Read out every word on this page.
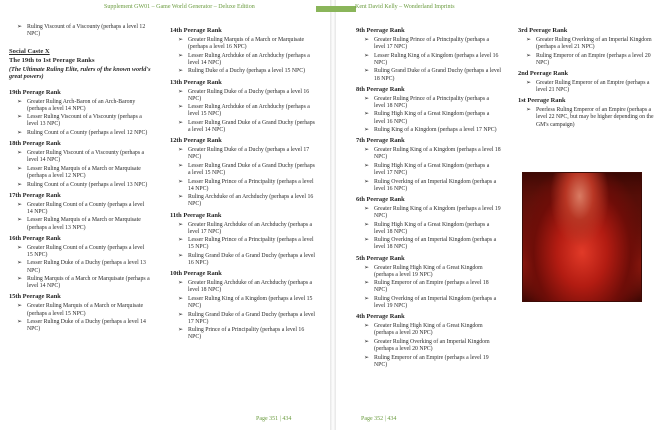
Supplement GW01 – Game World Generator – Deluxe Edition	Kent David Kelly – Wonderland Imprints
➢ Ruling Viscount of a Viscounty (perhaps a level 12 NPC)
Social Caste X
The 19th to 1st Peerage Ranks
(The Ultimate Ruling Elite, rulers of the known world's great powers)
19th Peerage Rank
➢ Greater Ruling Arch-Baron of an Arch-Barony (perhaps a level 14 NPC)
➢ Lesser Ruling Viscount of a Viscounty (perhaps a level 13 NPC)
➢ Ruling Count of a County (perhaps a level 12 NPC)
18th Peerage Rank
➢ Greater Ruling Viscount of a Viscounty (perhaps a level 14 NPC)
➢ Lesser Ruling Marquis of a March or Marquisate (perhaps a level 12 NPC)
➢ Ruling Count of a County (perhaps a level 13 NPC)
17th Peerage Rank
➢ Greater Ruling Count of a County (perhaps a level 14 NPC)
➢ Lesser Ruling Marquis of a March or Marquisate (perhaps a level 13 NPC)
16th Peerage Rank
➢ Greater Ruling Count of a County (perhaps a level 15 NPC)
➢ Lesser Ruling Duke of a Duchy (perhaps a level 13 NPC)
➢ Ruling Marquis of a March or Marquisate (perhaps a level 14 NPC)
15th Peerage Rank
➢ Greater Ruling Marquis of a March or Marquisate (perhaps a level 15 NPC)
➢ Lesser Ruling Duke of a Duchy (perhaps a level 14 NPC)
14th Peerage Rank
➢ Greater Ruling Marquis of a March or Marquisate (perhaps a level 16 NPC)
➢ Lesser Ruling Archduke of an Archduchy (perhaps a level 14 NPC)
➢ Ruling Duke of a Duchy (perhaps a level 15 NPC)
13th Peerage Rank
➢ Greater Ruling Duke of a Duchy (perhaps a level 16 NPC)
➢ Lesser Ruling Archduke of an Archduchy (perhaps a level 15 NPC)
➢ Lesser Ruling Grand Duke of a Grand Duchy (perhaps a level 14 NPC)
12th Peerage Rank
➢ Greater Ruling Duke of a Duchy (perhaps a level 17 NPC)
➢ Lesser Ruling Grand Duke of a Grand Duchy (perhaps a level 15 NPC)
➢ Lesser Ruling Prince of a Principality (perhaps a level 14 NPC)
➢ Ruling Archduke of an Archduchy (perhaps a level 16 NPC)
11th Peerage Rank
➢ Greater Ruling Archduke of an Archduchy (perhaps a level 17 NPC)
➢ Lesser Ruling Prince of a Principality (perhaps a level 15 NPC)
➢ Ruling Grand Duke of a Grand Duchy (perhaps a level 16 NPC)
10th Peerage Rank
➢ Greater Ruling Archduke of an Archduchy (perhaps a level 18 NPC)
➢ Lesser Ruling King of a Kingdom (perhaps a level 15 NPC)
➢ Ruling Grand Duke of a Grand Duchy (perhaps a level 17 NPC)
➢ Ruling Prince of a Principality (perhaps a level 16 NPC)
9th Peerage Rank
➢ Greater Ruling Prince of a Principality (perhaps a level 17 NPC)
➢ Lesser Ruling King of a Kingdom (perhaps a level 16 NPC)
➢ Ruling Grand Duke of a Grand Duchy (perhaps a level 18 NPC)
8th Peerage Rank
➢ Greater Ruling Prince of a Principality (perhaps a level 18 NPC)
➢ Ruling High King of a Great Kingdom (perhaps a level 16 NPC)
➢ Ruling King of a Kingdom (perhaps a level 17 NPC)
7th Peerage Rank
➢ Greater Ruling King of a Kingdom (perhaps a level 18 NPC)
➢ Ruling High King of a Great Kingdom (perhaps a level 17 NPC)
➢ Ruling Overking of an Imperial Kingdom (perhaps a level 16 NPC)
6th Peerage Rank
➢ Greater Ruling King of a Kingdom (perhaps a level 19 NPC)
➢ Ruling High King of a Great Kingdom (perhaps a level 18 NPC)
➢ Ruling Overking of an Imperial Kingdom (perhaps a level 18 NPC)
5th Peerage Rank
➢ Greater Ruling High King of a Great Kingdom (perhaps a level 19 NPC)
➢ Ruling Emperor of an Empire (perhaps a level 18 NPC)
➢ Ruling Overking of an Imperial Kingdom (perhaps a level 19 NPC)
4th Peerage Rank
➢ Greater Ruling High King of a Great Kingdom (perhaps a level 20 NPC)
➢ Greater Ruling Overking of an Imperial Kingdom (perhaps a level 20 NPC)
➢ Ruling Emperor of an Empire (perhaps a level 19 NPC)
3rd Peerage Rank
➢ Greater Ruling Overking of an Imperial Kingdom (perhaps a level 21 NPC)
➢ Ruling Emperor of an Empire (perhaps a level 20 NPC)
2nd Peerage Rank
➢ Greater Ruling Emperor of an Empire (perhaps a level 21 NPC)
1st Peerage Rank
➢ Peerless Ruling Emperor of an Empire (perhaps a level 22 NPC, but may be higher depending on the GM's campaign)
Page 351 | 434	Page 352 | 434
